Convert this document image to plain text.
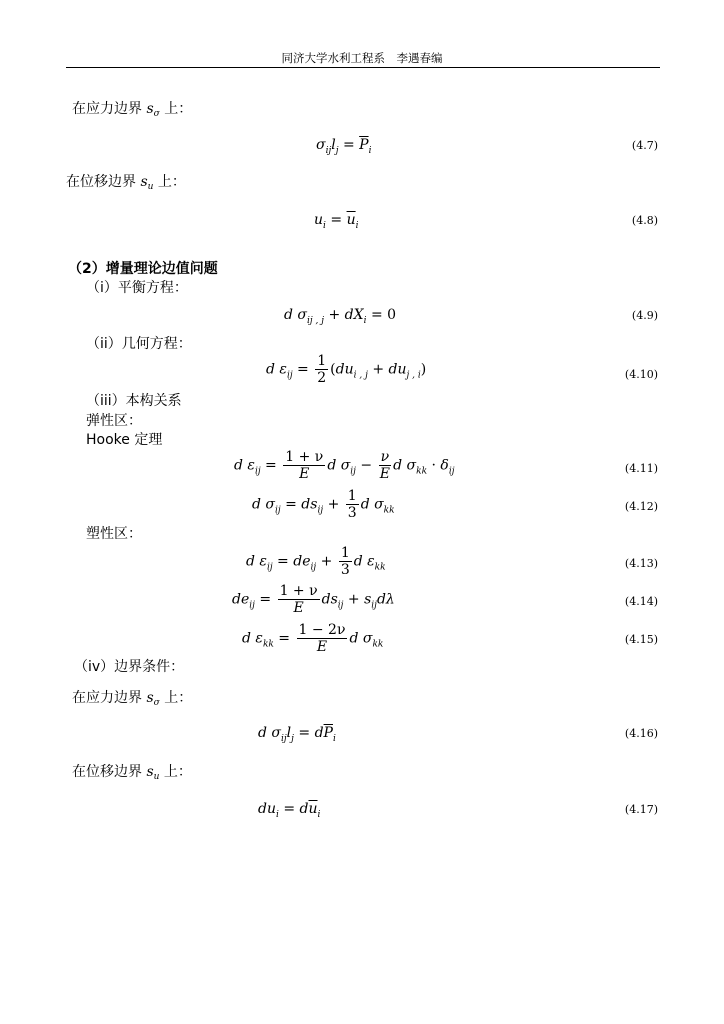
同济大学水利工程系　李遇春编
在应力边界 $s_\sigma$ 上：
$\sigma_{ij}l_j = \overline{P}_i$	(4.7)
在位移边界 $s_u$ 上：
$u_i = \overline{u}_i$	(4.8)
（2）增量理论边值问题
（i）平衡方程：
d $\sigma_{ij , j} + dX_i = 0$	(4.9)
（ii）几何方程：
d $\varepsilon_{ij} = \frac{1}{2} (du_{i , j} + du_{j , i})$	(4.10)
（iii）本构关系
弹性区：
Hooke 定理
d $\varepsilon_{ij} = \frac{1 + \nu}{E}$ d $\sigma_{ij} - \frac{\nu}{E}$ d $\sigma_{kk} \cdot \delta_{ij}$	(4.11)
d $\sigma_{ij} = ds_{ij} + \frac{1}{3}$ d $\sigma_{kk}$	(4.12)
塑性区：
d $\varepsilon_{ij} = de_{ij} + \frac{1}{3}$ d $\varepsilon_{kk}$	(4.13)
$de_{ij} = \frac{1 + \nu}{E} ds_{ij} + s_{ij}d\lambda$	(4.14)
d $\varepsilon_{kk} = \frac{1 - 2\nu}{E}$ d $\sigma_{kk}$	(4.15)
（iv）边界条件：
在应力边界 $s_\sigma$ 上：
d $\sigma_{ij}l_j = d\overline{P}_i$	(4.16)
在位移边界 $s_u$ 上：
$du_i = d\overline{u}_i$	(4.17)
